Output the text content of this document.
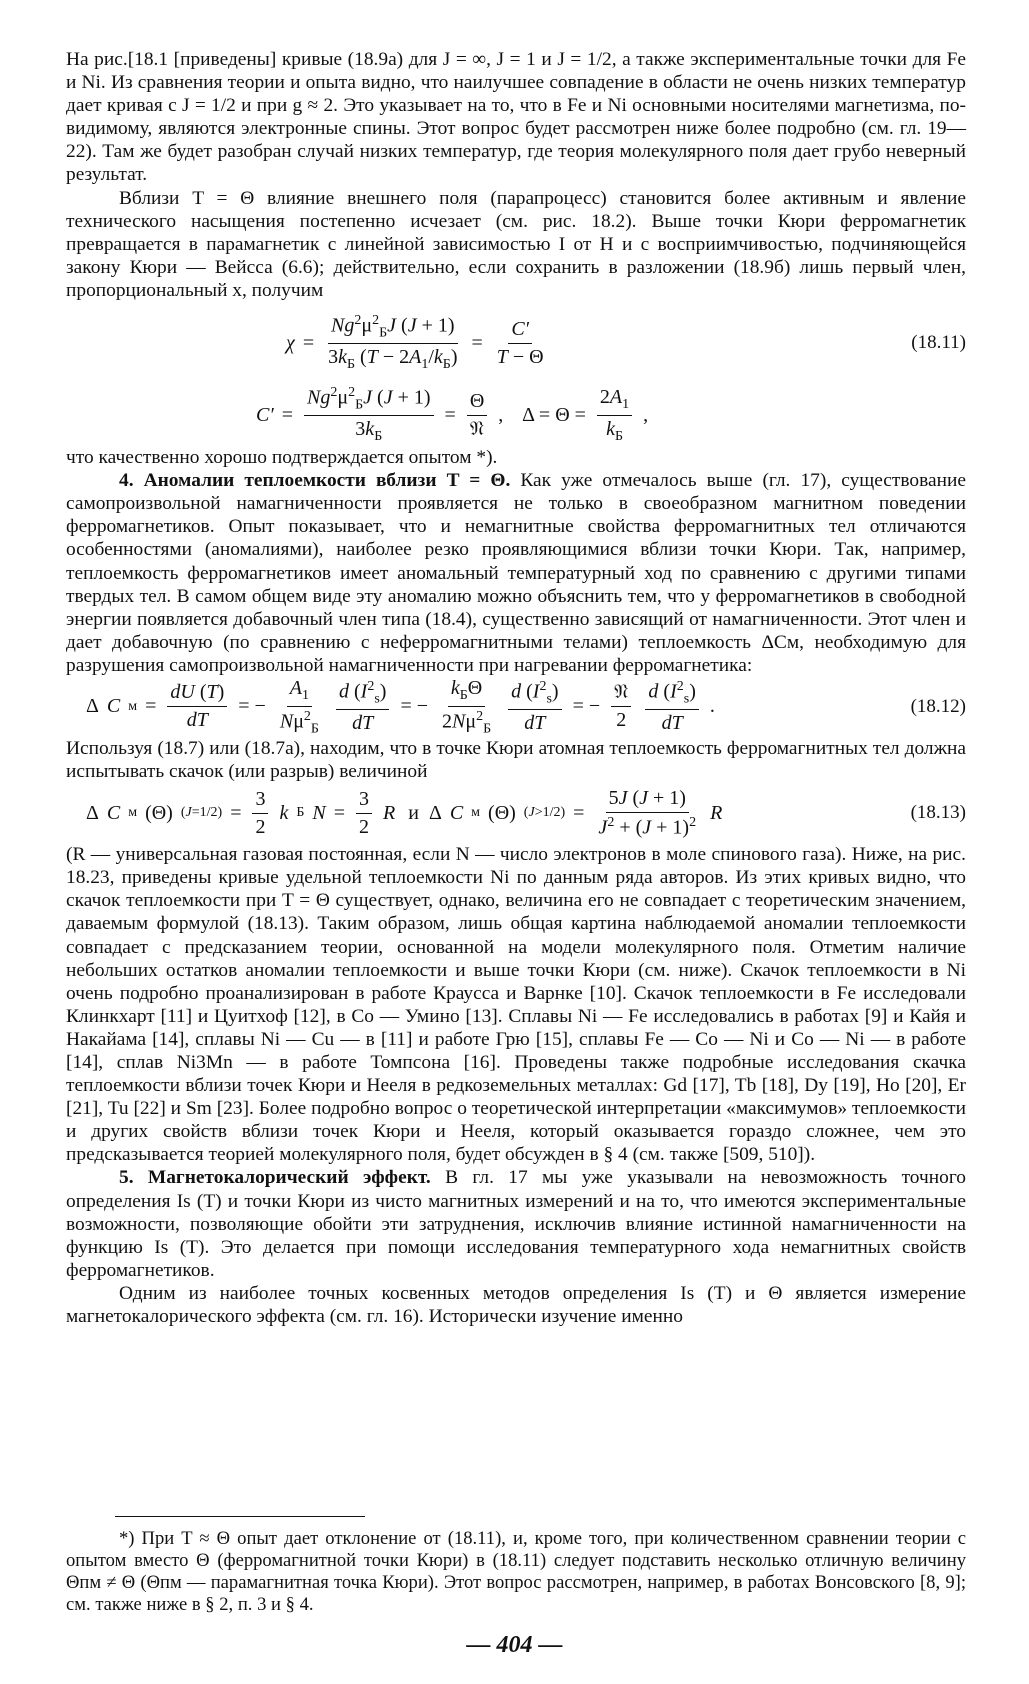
На рис.[18.1 [приведены] кривые (18.9а) для J = ∞, J = 1 и J = 1/2, а также экспериментальные точки для Fe и Ni. Из сравнения теории и опыта видно, что наилучшее совпадение в области не очень низких температур дает кривая с J = 1/2 и при g ≈ 2. Это указывает на то, что в Fe и Ni основными носителями магнетизма, по-видимому, являются электронные спины. Этот вопрос будет рассмотрен ниже более подробно (см. гл. 19—22). Там же будет разобран случай низких температур, где теория молекулярного поля дает грубо неверный результат.

Вблизи T = Θ влияние внешнего поля (парапроцесс) становится более активным и явление технического насыщения постепенно исчезает (см. рис. 18.2). Выше точки Кюри ферромагнетик превращается в парамагнетик с линейной зависимостью I от H и с восприимчивостью, подчиняющейся закону Кюри — Вейсса (6.6); действительно, если сохранить в разложении (18.9б) лишь первый член, пропорциональный x, получим

$\chi = \frac{Ng^2\mu^2_БJ (J + 1)}{3k_Б (T - 2A_1/k_Б)} = \frac{C'}{T - \Theta}$	(18.11)
$C' = \frac{Ng^2\mu^2_БJ (J + 1)}{3k_Б} = \frac{\Theta}{\text{𝔑}}$ ,    $\Delta = \Theta = \frac{2A_1}{k_Б}$ ,

что качественно хорошо подтверждается опытом *).

4. Аномалии теплоемкости вблизи T = Θ. Как уже отмечалось выше (гл. 17), существование самопроизвольной намагниченности проявляется не только в своеобразном магнитном поведении ферромагнетиков. Опыт показывает, что и немагнитные свойства ферромагнитных тел отличаются особенностями (аномалиями), наиболее резко проявляющимися вблизи точки Кюри. Так, например, теплоемкость ферромагнетиков имеет аномальный температурный ход по сравнению с другими типами твердых тел. В самом общем виде эту аномалию можно объяснить тем, что у ферромагнетиков в свободной энергии появляется добавочный член типа (18.4), существенно зависящий от намагниченности. Этот член и дает добавочную (по сравнению с неферромагнитными телами) теплоемкость ΔCм, необходимую для разрушения самопроизвольной намагниченности при нагревании ферромагнетика:

Δ C $м = \frac{dU (T)}{dT}$ = − $\frac{A_1}{N\mu^2_Б} \frac{d (I^2_s)}{dT}$ = − $\frac{k_Б\Theta}{2N\mu^2_Б} \frac{d (I^2_s)}{dT}$ = − $\frac{\text{𝔑}}{2} \frac{d (I^2_s)}{dT}$ .	(18.12)

Используя (18.7) или (18.7а), находим, что в точке Кюри атомная теплоемкость ферромагнитных тел должна испытывать скачок (или разрыв) величиной

Δ C м (Θ) $(J=1/2) = \frac{3}{2}$ k Б $N = \frac{3}{2}$ R и  Δ C м (Θ) $(J>1/2) = \frac{5J (J + 1)}{J^2 + (J + 1)^2}$ R	(18.13)

(R — универсальная газовая постоянная, если N — число электронов в моле спинового газа). Ниже, на рис. 18.23, приведены кривые удельной теплоемкости Ni по данным ряда авторов. Из этих кривых видно, что скачок теплоемкости при T = Θ существует, однако, величина его не совпадает с теоретическим значением, даваемым формулой (18.13). Таким образом, лишь общая картина наблюдаемой аномалии теплоемкости совпадает с предсказанием теории, основанной на модели молекулярного поля. Отметим наличие небольших остатков аномалии теплоемкости и выше точки Кюри (см. ниже). Скачок теплоемкости в Ni очень подробно проанализирован в работе Краусса и Варнке [10]. Скачок теплоемкости в Fe исследовали Клинкхарт [11] и Цуитхоф [12], в Co — Умино [13]. Сплавы Ni — Fe исследовались в работах [9] и Кайя и Накайама [14], сплавы Ni — Cu — в [11] и работе Грю [15], сплавы Fe — Co — Ni и Co — Ni — в работе [14], сплав Ni3Mn — в работе Томпсона [16]. Проведены также подробные исследования скачка теплоемкости вблизи точек Кюри и Нееля в редкоземельных металлах: Gd [17], Tb [18], Dy [19], Ho [20], Er [21], Tu [22] и Sm [23]. Более подробно вопрос о теоретической интерпретации «максимумов» теплоемкости и других свойств вблизи точек Кюри и Нееля, который оказывается гораздо сложнее, чем это предсказывается теорией молекулярного поля, будет обсужден в § 4 (см. также [509, 510]).

5. Магнетокалорический эффект. В гл. 17 мы уже указывали на невозможность точного определения Is (T) и точки Кюри из чисто магнитных измерений и на то, что имеются экспериментальные возможности, позволяющие обойти эти затруднения, исключив влияние истинной намагниченности на функцию Is (T). Это делается при помощи исследования температурного хода немагнитных свойств ферромагнетиков.

Одним из наиболее точных косвенных методов определения Is (T) и Θ является измерение магнетокалорического эффекта (см. гл. 16). Исторически изучение именно

*) При T ≈ Θ опыт дает отклонение от (18.11), и, кроме того, при количественном сравнении теории с опытом вместо Θ (ферромагнитной точки Кюри) в (18.11) следует подставить несколько отличную величину Θпм ≠ Θ (Θпм — парамагнитная точка Кюри). Этот вопрос рассмотрен, например, в работах Вонсовского [8, 9]; см. также ниже в § 2, п. 3 и § 4.

— 404 —
